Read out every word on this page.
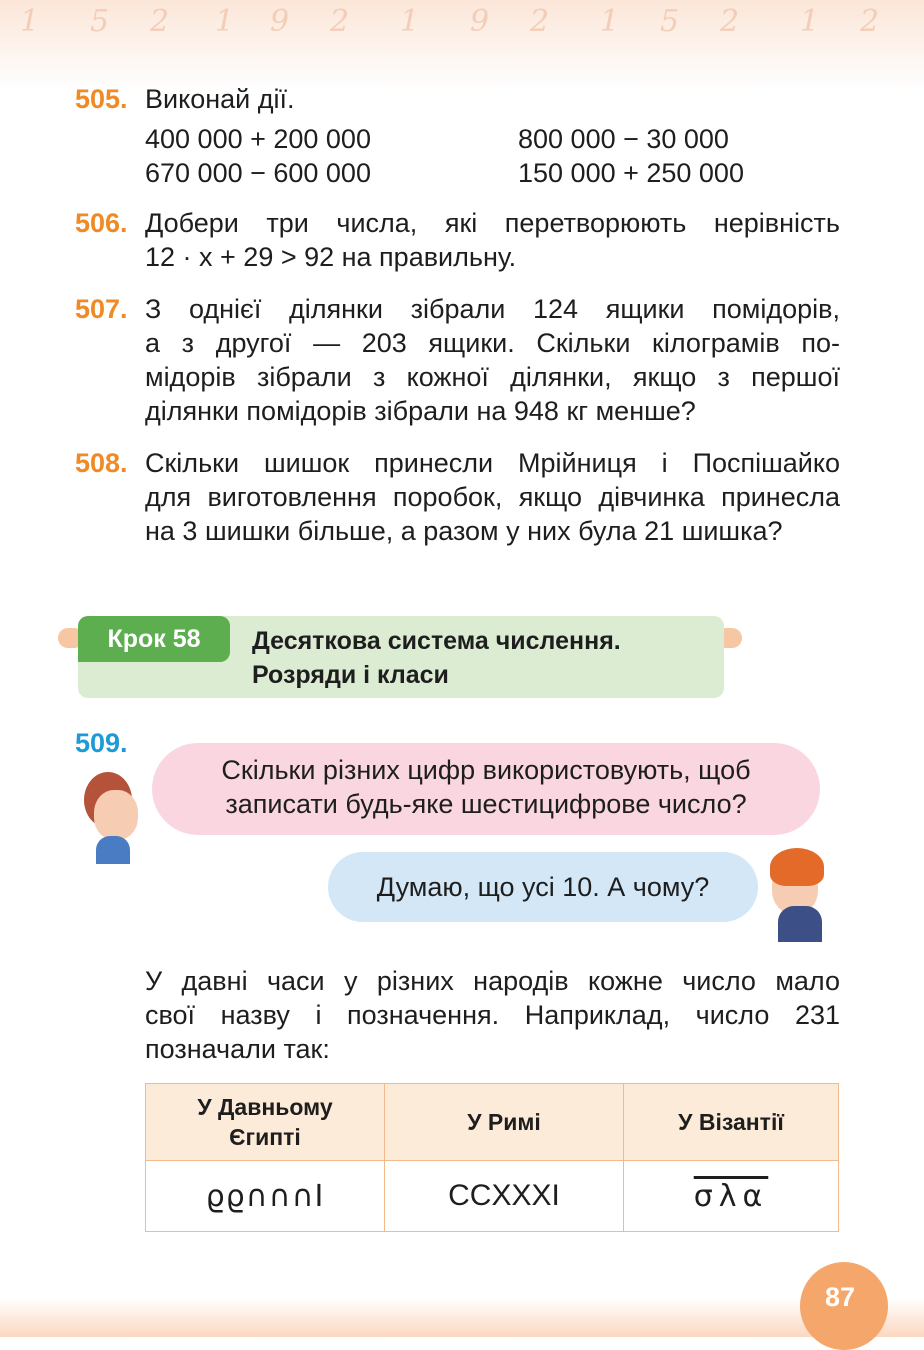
1 5 2 1 9 2 1 9 2 1 5 2 1 2
505. Виконай дії.
400 000 + 200 000	800 000 − 30 000
670 000 − 600 000	150 000 + 250 000
506. Добери три числа, які перетворюють нерівність
12 · x + 29 > 92 на правильну.
507. З однієї ділянки зібрали 124 ящики помідорів,
а з другої — 203 ящики. Скільки кілограмів по-
мідорів зібрали з кожної ділянки, якщо з першої
ділянки помідорів зібрали на 948 кг менше?
508. Скільки шишок принесли Мрійниця і Поспішайко
для виготовлення поробок, якщо дівчинка принесла
на 3 шишки більше, а разом у них була 21 шишка?
Крок 58	Десяткова система числення.
Розряди і класи
509.
Скільки різних цифр використовують, щоб
записати будь-яке шестицифрове число?
Думаю, що усі 10. А чому?
У давні часи у різних народів кожне число мало
свої назву і позначення. Наприклад, число 231
позначали так:
У Давньому Єгипті	У Римі	У Візантії
ϱϱ∩∩∩I	CCXXXI	$\overline{\sigma\lambda\alpha}$
87
